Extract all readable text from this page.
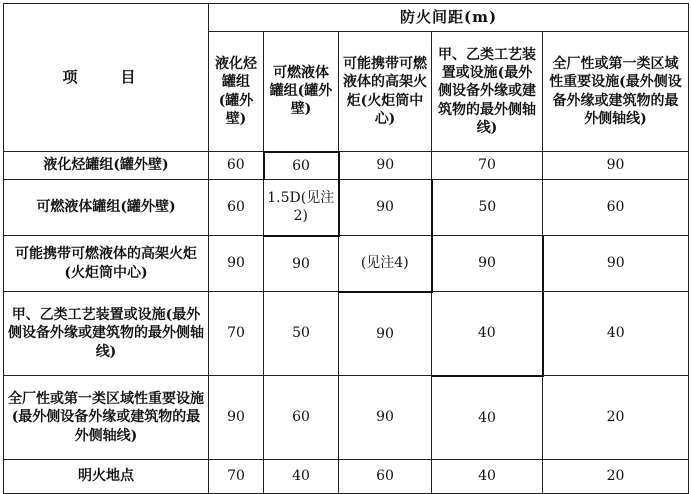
项　目	防火间距(m)				
	液化烃罐组(罐外壁)	可燃液体罐组(罐外壁)	可能携带可燃液体的高架火炬(火炬筒中心)	甲、乙类工艺装置或设施(最外侧设备外缘或建筑物的最外侧轴线)	全厂性或第一类区域性重要设施(最外侧设备外缘或建筑物的最外侧轴线)
液化烃罐组(罐外壁)	60	60	90	70	90
可燃液体罐组(罐外壁)	60	1.5D(见注2)	90	50	60
可能携带可燃液体的高架火炬(火炬筒中心)	90	90	(见注4)	90	90
甲、乙类工艺装置或设施(最外侧设备外缘或建筑物的最外侧轴线)	70	50	90	40	40
全厂性或第一类区域性重要设施(最外侧设备外缘或建筑物的最外侧轴线)	90	60	90	40	20
明火地点	70	40	60	40	20
